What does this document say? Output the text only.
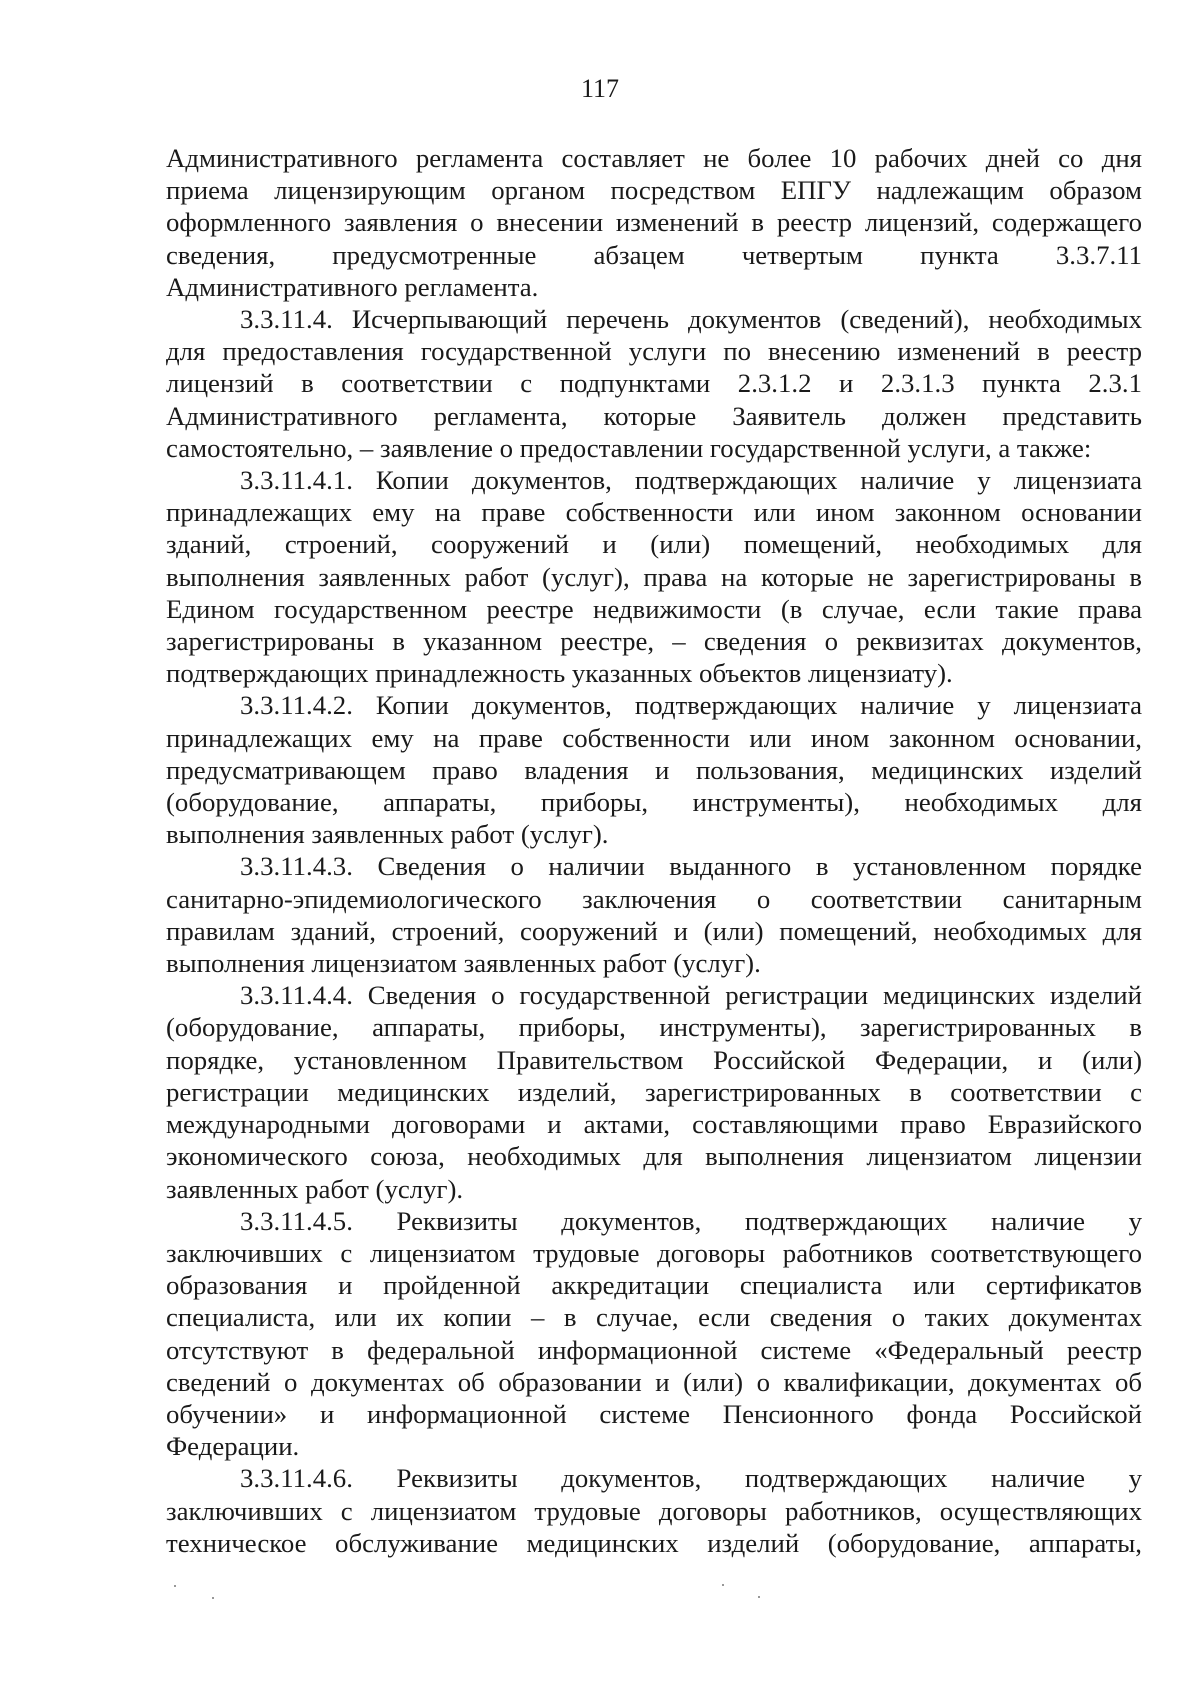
117

Административного регламента составляет не более 10 рабочих дней со дня

приема лицензирующим органом посредством ЕПГУ надлежащим образом

оформленного заявления о внесении изменений в реестр лицензий, содержащего

сведения, предусмотренные абзацем четвертым пункта 3.3.7.11

Административного регламента.

3.3.11.4. Исчерпывающий перечень документов (сведений), необходимых

для предоставления государственной услуги по внесению изменений в реестр

лицензий в соответствии с подпунктами 2.3.1.2 и 2.3.1.3 пункта 2.3.1

Административного регламента, которые Заявитель должен представить

самостоятельно, – заявление о предоставлении государственной услуги, а также:

3.3.11.4.1. Копии документов, подтверждающих наличие у лицензиата

принадлежащих ему на праве собственности или ином законном основании

зданий, строений, сооружений и (или) помещений, необходимых для

выполнения заявленных работ (услуг), права на которые не зарегистрированы в

Едином государственном реестре недвижимости (в случае, если такие права

зарегистрированы в указанном реестре, – сведения о реквизитах документов,

подтверждающих принадлежность указанных объектов лицензиату).

3.3.11.4.2. Копии документов, подтверждающих наличие у лицензиата

принадлежащих ему на праве собственности или ином законном основании,

предусматривающем право владения и пользования, медицинских изделий

(оборудование, аппараты, приборы, инструменты), необходимых для

выполнения заявленных работ (услуг).

3.3.11.4.3. Сведения о наличии выданного в установленном порядке

санитарно-эпидемиологического заключения о соответствии санитарным

правилам зданий, строений, сооружений и (или) помещений, необходимых для

выполнения лицензиатом заявленных работ (услуг).

3.3.11.4.4. Сведения о государственной регистрации медицинских изделий

(оборудование, аппараты, приборы, инструменты), зарегистрированных в

порядке, установленном Правительством Российской Федерации, и (или)

регистрации медицинских изделий, зарегистрированных в соответствии с

международными договорами и актами, составляющими право Евразийского

экономического союза, необходимых для выполнения лицензиатом лицензии

заявленных работ (услуг).

3.3.11.4.5. Реквизиты документов, подтверждающих наличие у

заключивших с лицензиатом трудовые договоры работников соответствующего

образования и пройденной аккредитации специалиста или сертификатов

специалиста, или их копии – в случае, если сведения о таких документах

отсутствуют в федеральной информационной системе «Федеральный реестр

сведений о документах об образовании и (или) о квалификации, документах об

обучении» и информационной системе Пенсионного фонда Российской

Федерации.

3.3.11.4.6. Реквизиты документов, подтверждающих наличие у

заключивших с лицензиатом трудовые договоры работников, осуществляющих

техническое обслуживание медицинских изделий (оборудование, аппараты,
